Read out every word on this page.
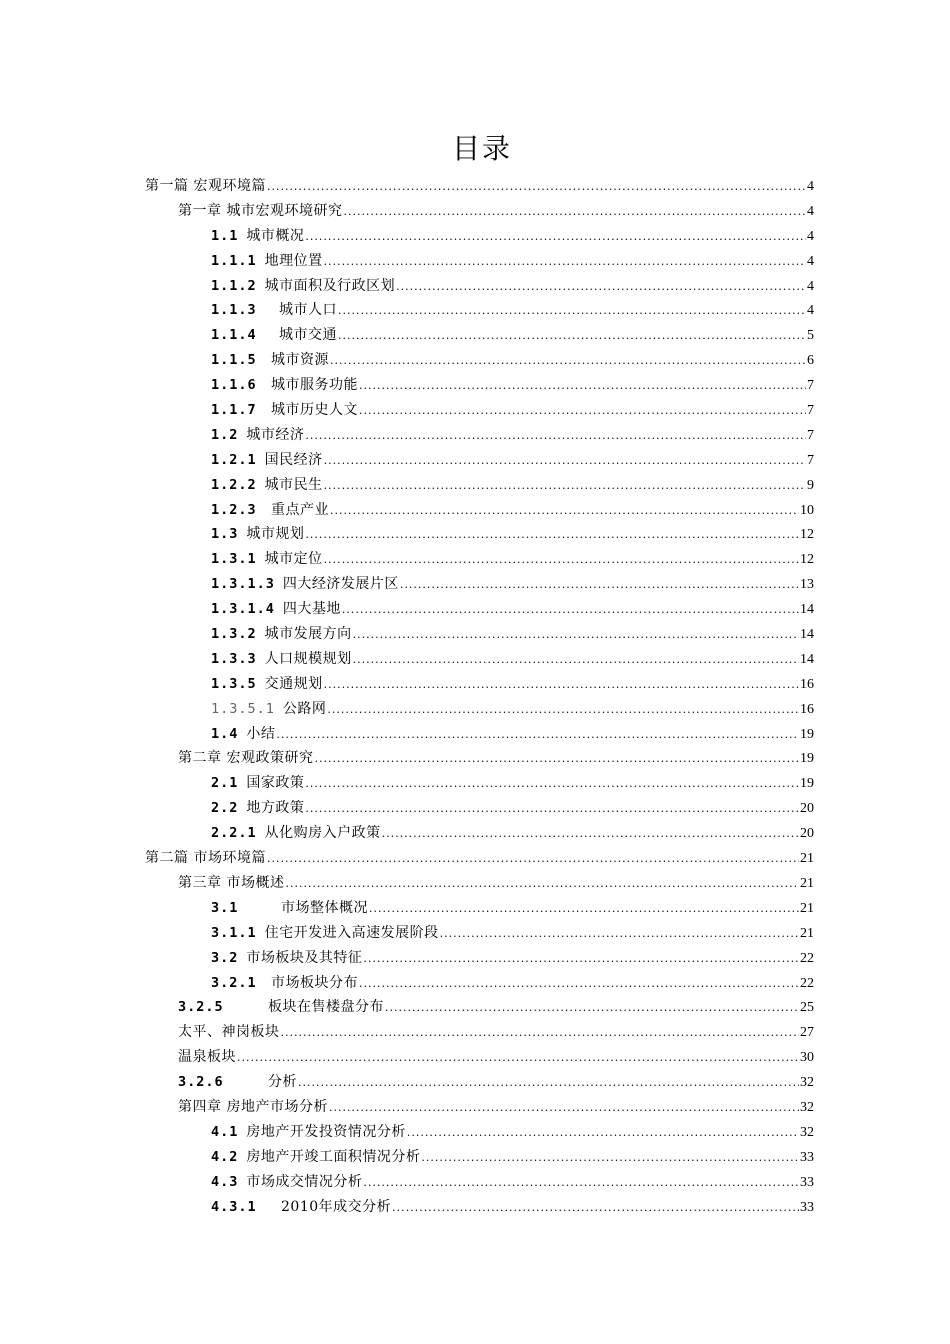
目录
第一篇 宏观环境篇 .....	4
第一章 城市宏观环境研究 .....	4
1.1 城市概况 .....	4
1.1.1 地理位置 .....	4
1.1.2 城市面积及行政区划 .....	4
1.1.3	城市人口 .....	4
1.1.4	城市交通 .....	5
1.1.5	城市资源 .....	6
1.1.6	城市服务功能 .....	7
1.1.7	城市历史人文 .....	7
1.2 城市经济 .....	7
1.2.1 国民经济 .....	7
1.2.2 城市民生 .....	9
1.2.3	重点产业 .....	10
1.3 城市规划 .....	12
1.3.1 城市定位 .....	12
1.3.1.3 四大经济发展片区 .....	13
1.3.1.4 四大基地 .....	14
1.3.2 城市发展方向 .....	14
1.3.3 人口规模规划 .....	14
1.3.5 交通规划 .....	16
1.3.5.1 公路网 .....	16
1.4 小结 .....	19
第二章 宏观政策研究 .....	19
2.1 国家政策 .....	19
2.2 地方政策 .....	20
2.2.1 从化购房入户政策 .....	20
第二篇 市场环境篇 .....	21
第三章 市场概述 .....	21
3.1	市场整体概况 .....	21
3.1.1 住宅开发进入高速发展阶段 .....	21
3.2 市场板块及其特征 .....	22
3.2.1	市场板块分布 .....	22
3.2.5	板块在售楼盘分布 .....	25
太平、神岗板块 .....	27
温泉板块 .....	30
3.2.6	分析 .....	32
第四章 房地产市场分析 .....	32
4.1 房地产开发投资情况分析 .....	32
4.2 房地产开竣工面积情况分析 .....	33
4.3 市场成交情况分析 .....	33
4.3.1	2010年成交分析 .....	33
